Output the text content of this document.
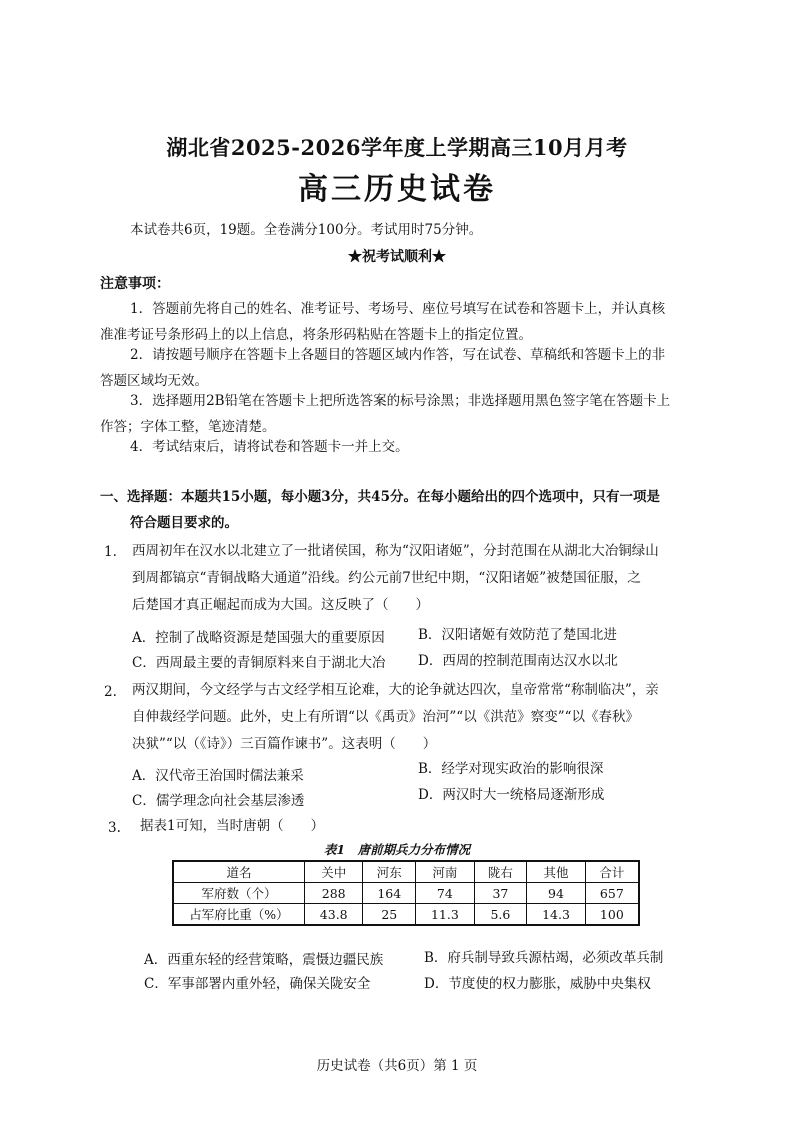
湖北省2025-2026学年度上学期高三10月月考
高三历史试卷
本试卷共6页，19题。全卷满分100分。考试用时75分钟。
★祝考试顺利★
注意事项：
1．答题前先将自己的姓名、准考证号、考场号、座位号填写在试卷和答题卡上，并认真核
准准考证号条形码上的以上信息，将条形码粘贴在答题卡上的指定位置。
2．请按题号顺序在答题卡上各题目的答题区域内作答，写在试卷、草稿纸和答题卡上的非
答题区域均无效。
3．选择题用2B铅笔在答题卡上把所选答案的标号涂黑；非选择题用黑色签字笔在答题卡上
作答；字体工整，笔迹清楚。
4．考试结束后，请将试卷和答题卡一并上交。
一、选择题：本题共15小题，每小题3分，共45分。在每小题给出的四个选项中，只有一项是
符合题目要求的。
1. 西周初年在汉水以北建立了一批诸侯国，称为“汉阳诸姬”，分封范围在从湖北大冶铜绿山
到周都镐京“青铜战略大通道”沿线。约公元前7世纪中期，“汉阳诸姬”被楚国征服，之
后楚国才真正崛起而成为大国。这反映了（　　）
A．控制了战略资源是楚国强大的重要原因 B．汉阳诸姬有效防范了楚国北进
C．西周最主要的青铜原料来自于湖北大冶 D．西周的控制范围南达汉水以北
2. 两汉期间，今文经学与古文经学相互论难，大的论争就达四次，皇帝常常“称制临决”，亲
自伸裁经学问题。此外，史上有所谓“以《禹贡》治河”“以《洪范》察变”“以《春秋》
决狱”“以（《诗》）三百篇作谏书”。这表明（　　）
A．汉代帝王治国时儒法兼采	B．经学对现实政治的影响很深
C．儒学理念向社会基层渗透	D．两汉时大一统格局逐渐形成
3. 据表1可知，当时唐朝（　　）
表1　唐前期兵力分布情况
道名	关中	河东	河南	陇右	其他	合计
军府数（个）	288	164	74	37	94	657
占军府比重（%）	43.8	25	11.3	5.6	14.3	100
A．西重东轻的经营策略，震慑边疆民族	B．府兵制导致兵源枯竭，必须改革兵制
C．军事部署内重外轻，确保关陇安全	D．节度使的权力膨胀，威胁中央集权
历史试卷（共6页）第 1 页
